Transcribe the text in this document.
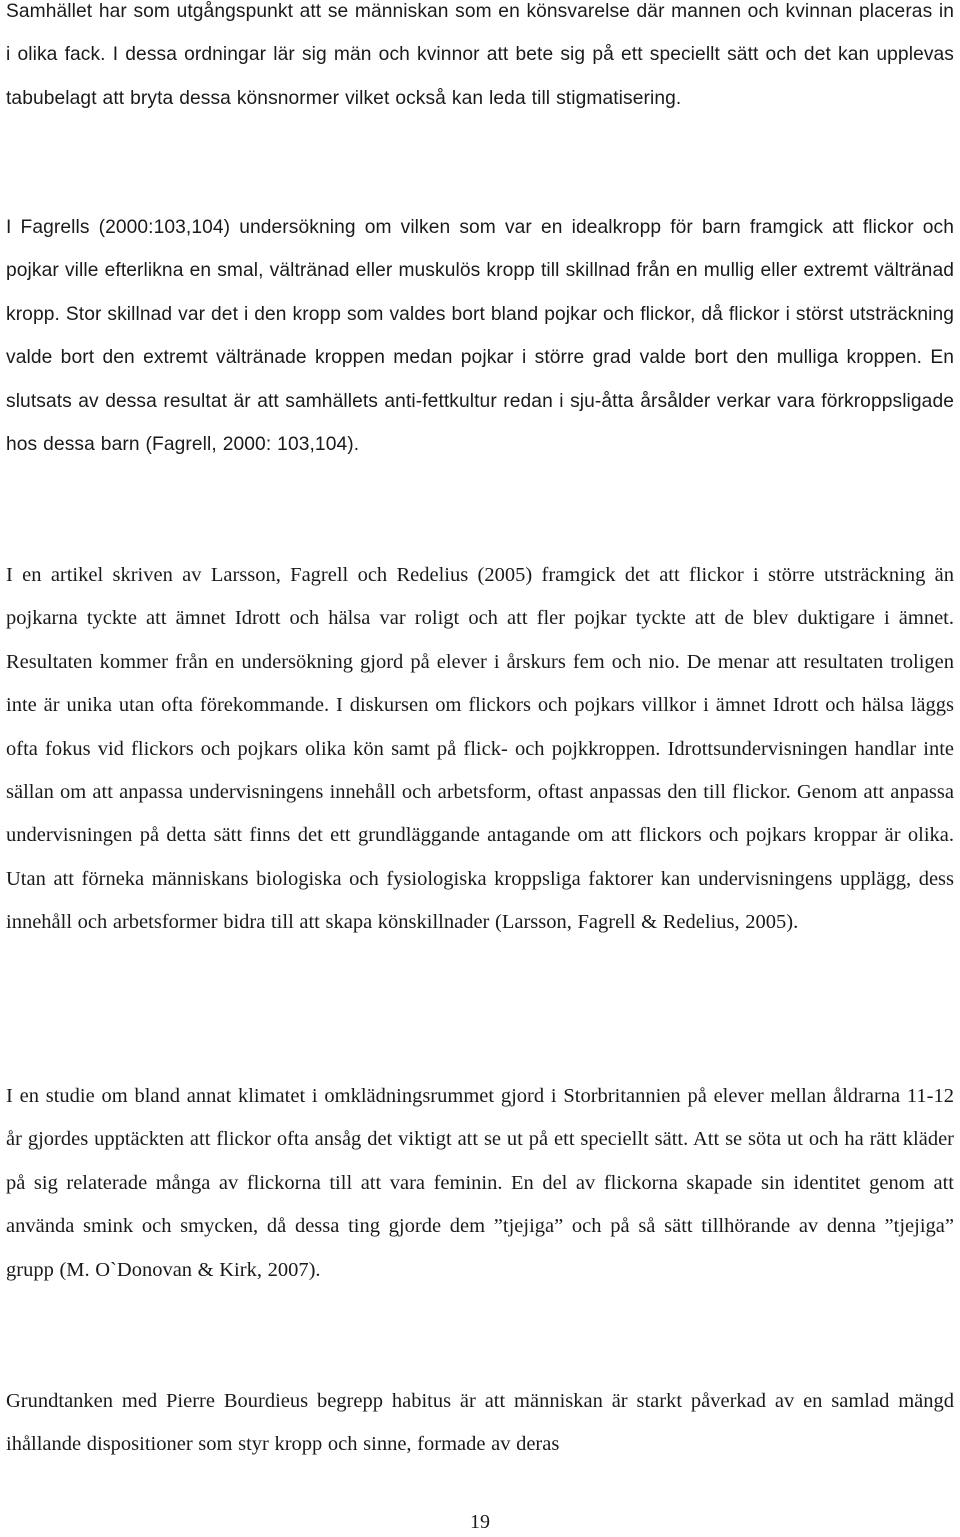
Samhället har som utgångspunkt att se människan som en könsvarelse där mannen och kvinnan placeras in i olika fack. I dessa ordningar lär sig män och kvinnor att bete sig på ett speciellt sätt och det kan upplevas tabubelagt att bryta dessa könsnormer vilket också kan leda till stigmatisering.

I Fagrells (2000:103,104) undersökning om vilken som var en idealkropp för barn framgick att flickor och pojkar ville efterlikna en smal, vältränad eller muskulös kropp till skillnad från en mullig eller extremt vältränad kropp. Stor skillnad var det i den kropp som valdes bort bland pojkar och flickor, då flickor i störst utsträckning valde bort den extremt vältränade kroppen medan pojkar i större grad valde bort den mulliga kroppen. En slutsats av dessa resultat är att samhällets anti-fettkultur redan i sju-åtta årsålder verkar vara förkroppsligade hos dessa barn (Fagrell, 2000: 103,104).

I en artikel skriven av Larsson, Fagrell och Redelius (2005) framgick det att flickor i större utsträckning än pojkarna tyckte att ämnet Idrott och hälsa var roligt och att fler pojkar tyckte att de blev duktigare i ämnet. Resultaten kommer från en undersökning gjord på elever i årskurs fem och nio. De menar att resultaten troligen inte är unika utan ofta förekommande. I diskursen om flickors och pojkars villkor i ämnet Idrott och hälsa läggs ofta fokus vid flickors och pojkars olika kön samt på flick- och pojkkroppen. Idrottsundervisningen handlar inte sällan om att anpassa undervisningens innehåll och arbetsform, oftast anpassas den till flickor. Genom att anpassa undervisningen på detta sätt finns det ett grundläggande antagande om att flickors och pojkars kroppar är olika. Utan att förneka människans biologiska och fysiologiska kroppsliga faktorer kan undervisningens upplägg, dess innehåll och arbetsformer bidra till att skapa könskillnader (Larsson, Fagrell & Redelius, 2005).

I en studie om bland annat klimatet i omklädningsrummet gjord i Storbritannien på elever mellan åldrarna 11-12 år gjordes upptäckten att flickor ofta ansåg det viktigt att se ut på ett speciellt sätt. Att se söta ut och ha rätt kläder på sig relaterade många av flickorna till att vara feminin. En del av flickorna skapade sin identitet genom att använda smink och smycken, då dessa ting gjorde dem ”tjejiga” och på så sätt tillhörande av denna ”tjejiga” grupp (M. O`Donovan & Kirk, 2007).

Grundtanken med Pierre Bourdieus begrepp habitus är att människan är starkt påverkad av en samlad mängd ihållande dispositioner som styr kropp och sinne, formade av deras

19
